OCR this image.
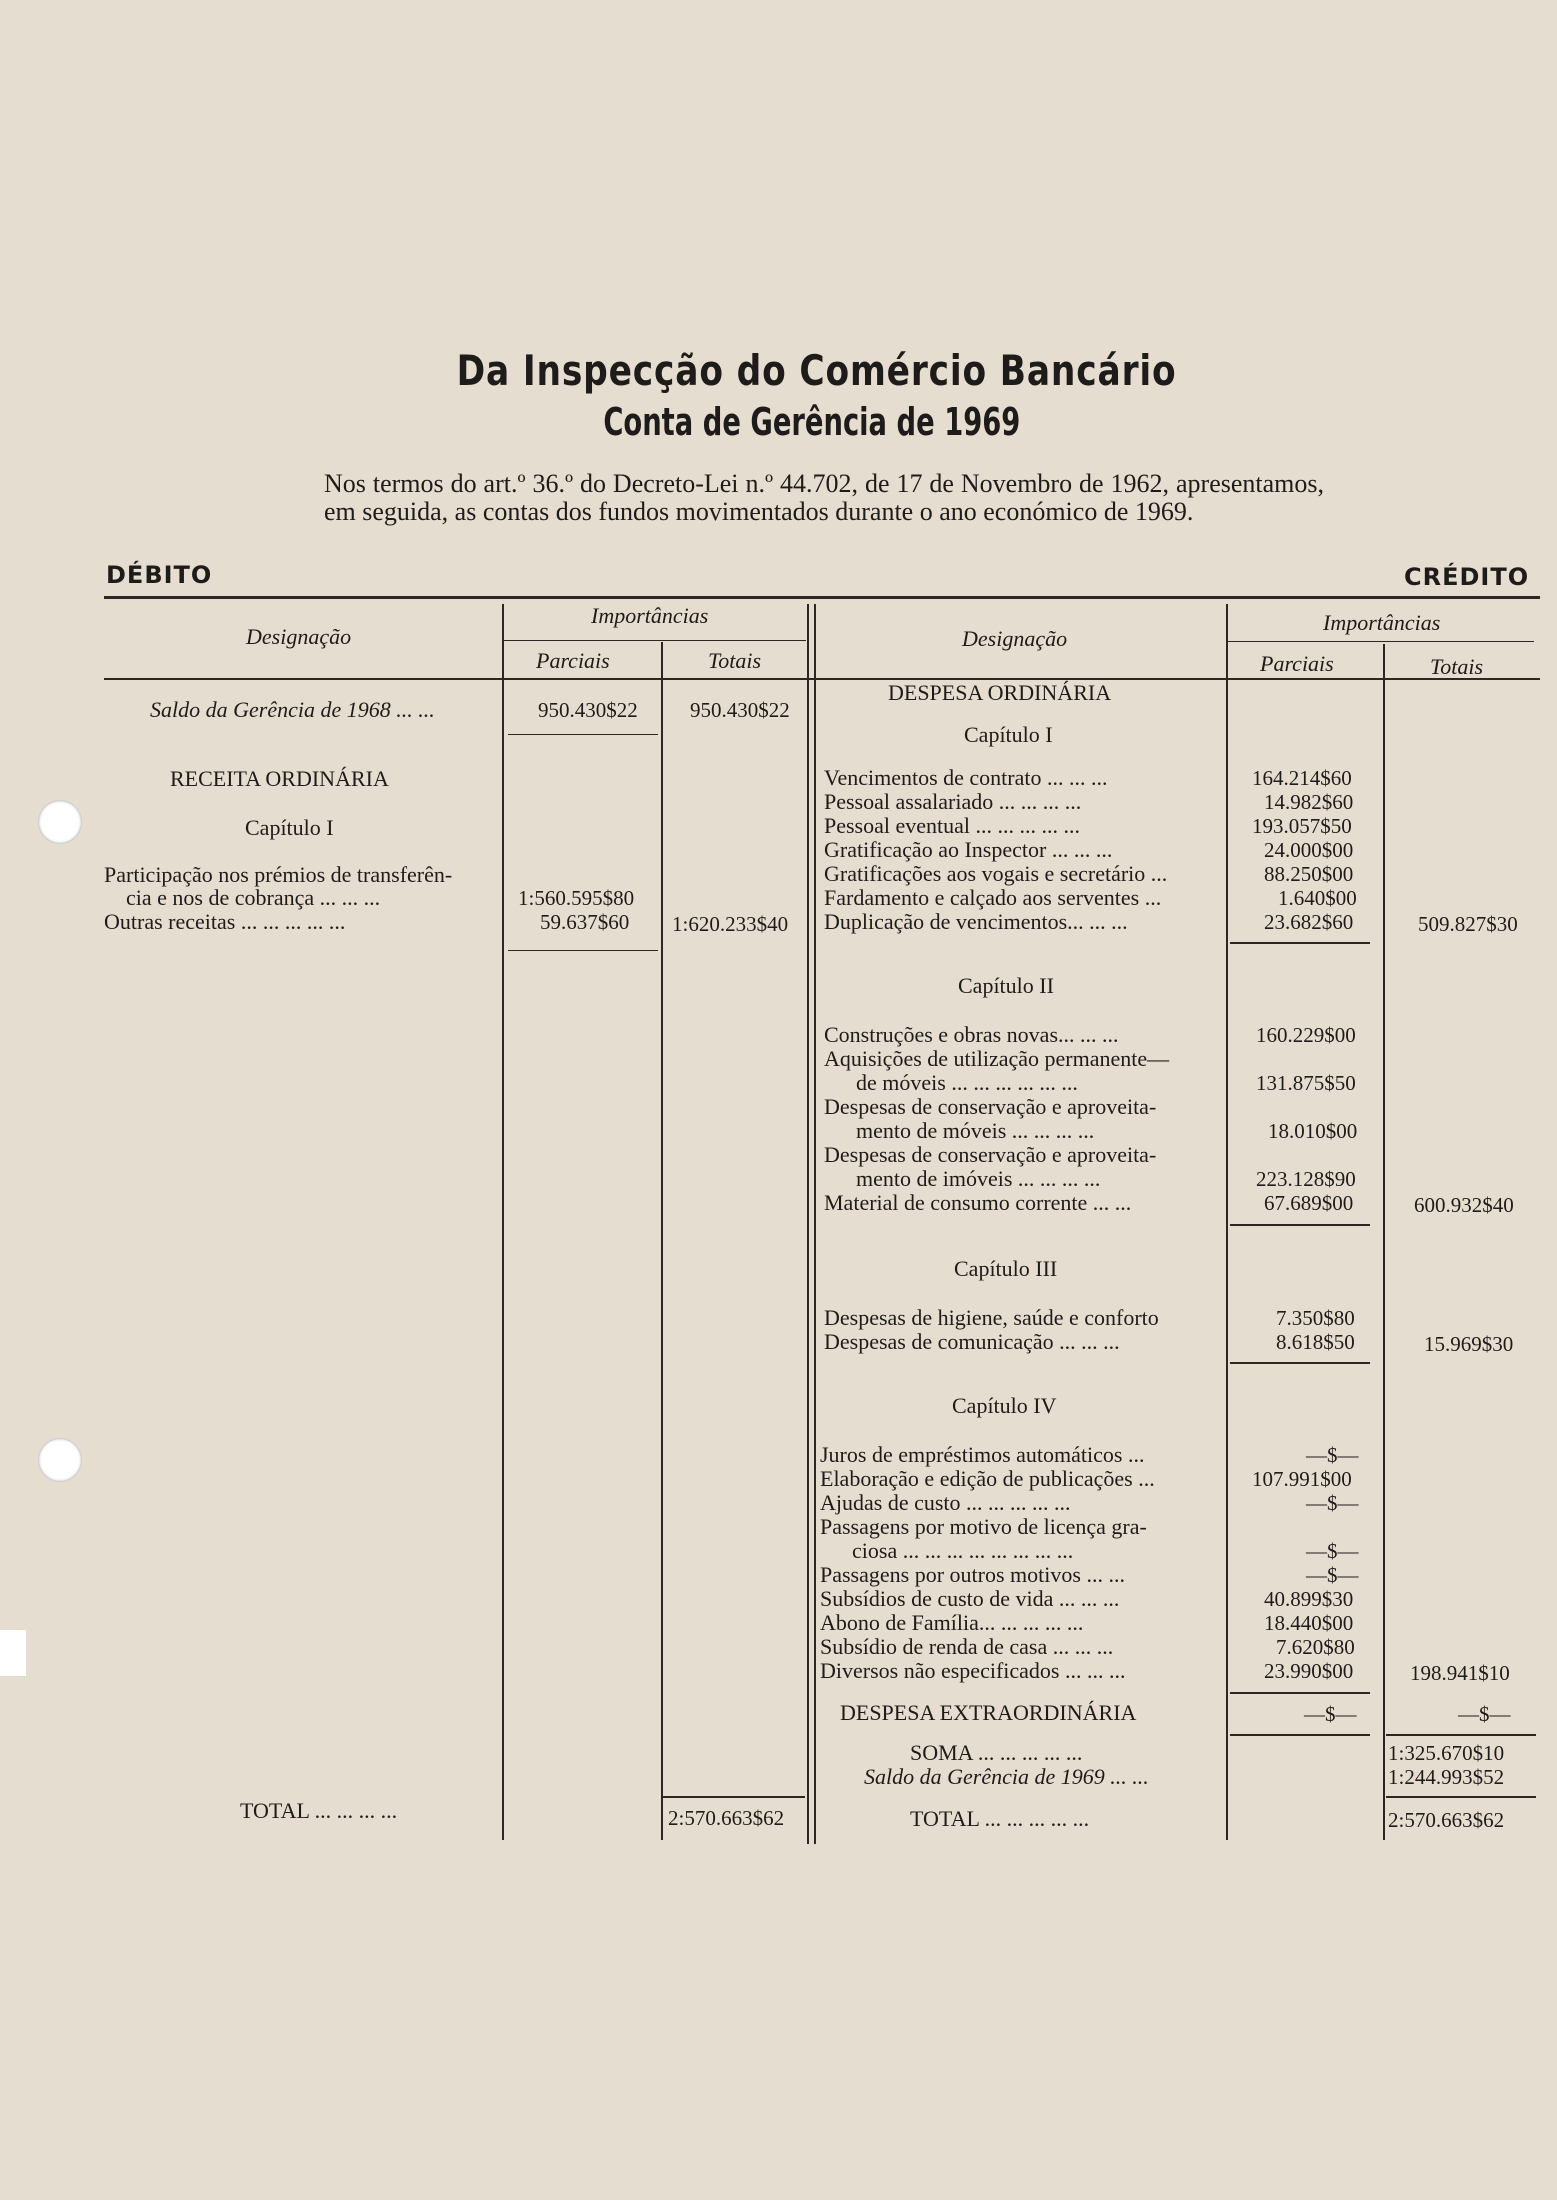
Da Inspecção do Comércio Bancário
Conta de Gerência de 1969
Nos termos do art.º 36.º do Decreto-Lei n.º 44.702, de 17 de Novembro de 1962, apresentamos, em seguida, as contas dos fundos movimentados durante o ano económico de 1969.
DÉBITO	CRÉDITO
Designação
Importâncias
Parciais	Totais
Designação
Importâncias
Parciais	Totais
Saldo da Gerência de 1968 ... ...	950.430$22 950.430$22
RECEITA ORDINÁRIA
Capítulo I
Participação nos prémios de transferên-
cia e nos de cobrança ... ... ...	1:560.595$80
Outras receitas ... ... ... ... ...	59.637$60 1:620.233$40
TOTAL ... ... ... ...	2:570.663$62
DESPESA ORDINÁRIA
Capítulo I
Vencimentos de contrato ... ... ...	164.214$60
Pessoal assalariado ... ... ... ...	14.982$60
Pessoal eventual ... ... ... ... ...	193.057$50
Gratificação ao Inspector ... ... ...	24.000$00
Gratificações aos vogais e secretário ...	88.250$00
Fardamento e calçado aos serventes ...	1.640$00
Duplicação de vencimentos... ... ...	23.682$60	509.827$30
Capítulo II
Construções e obras novas... ... ...	160.229$00
Aquisições de utilização permanente—
de móveis ... ... ... ... ... ...	131.875$50
Despesas de conservação e aproveita-
mento de móveis ... ... ... ...	18.010$00
Despesas de conservação e aproveita-
mento de imóveis ... ... ... ...	223.128$90
Material de consumo corrente ... ...	67.689$00	600.932$40
Capítulo III
Despesas de higiene, saúde e conforto	7.350$80
Despesas de comunicação ... ... ...	8.618$50	15.969$30
Capítulo IV
Juros de empréstimos automáticos ...	—$—
Elaboração e edição de publicações ...	107.991$00
Ajudas de custo ... ... ... ... ...	—$—
Passagens por motivo de licença gra-
ciosa ... ... ... ... ... ... ... ...	—$—
Passagens por outros motivos ... ...	—$—
Subsídios de custo de vida ... ... ...	40.899$30
Abono de Família... ... ... ... ...	18.440$00
Subsídio de renda de casa ... ... ...	7.620$80
Diversos não especificados ... ... ...	23.990$00	198.941$10
DESPESA EXTRAORDINÁRIA	—$—	—$—
SOMA ... ... ... ... ...	1:325.670$10
Saldo da Gerência de 1969 ... ...	1:244.993$52
TOTAL ... ... ... ... ...	2:570.663$62
